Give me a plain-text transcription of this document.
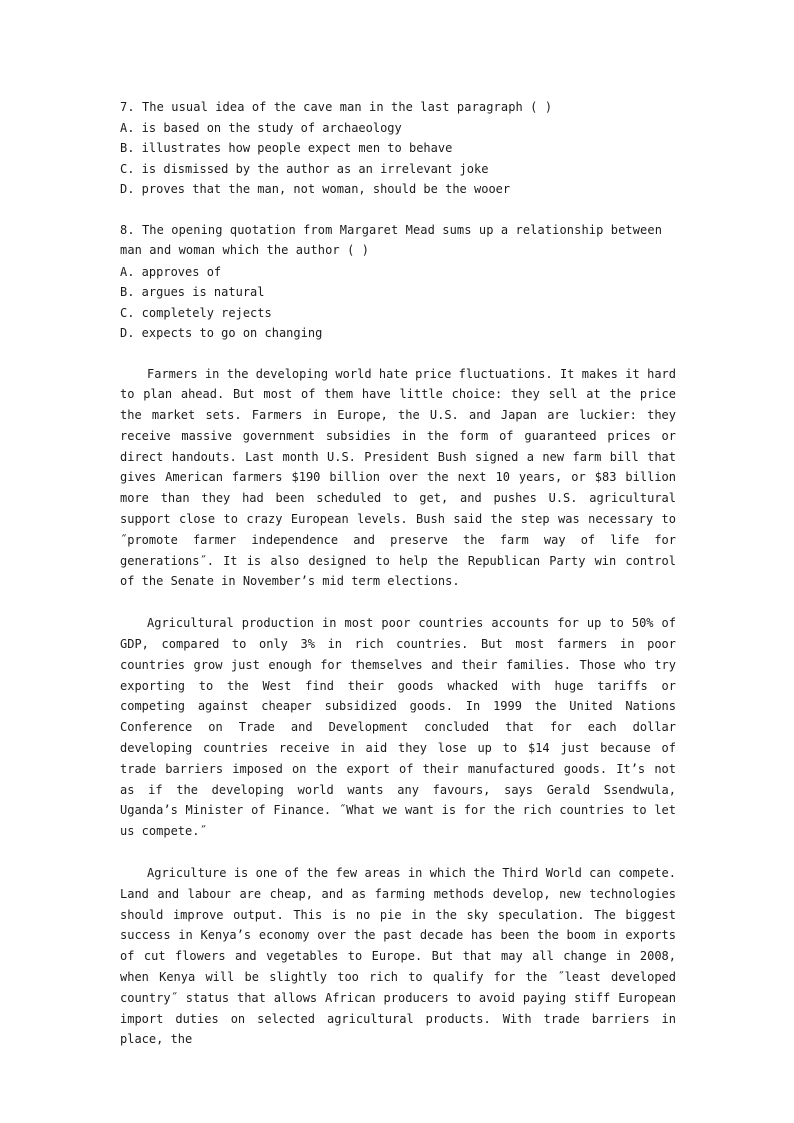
7. The usual idea of the cave man in the last paragraph ( )

A. is based on the study of archaeology

B. illustrates how people expect men to behave

C. is dismissed by the author as an irrelevant joke

D. proves that the man, not woman, should be the wooer

8. The opening quotation from Margaret Mead sums up a relationship between man and woman which the author ( )

A. approves of

B. argues is natural

C. completely rejects

D. expects to go on changing

Farmers in the developing world hate price fluctuations. It makes it hard to plan ahead. But most of them have little choice: they sell at the price the market sets. Farmers in Europe, the U.S. and Japan are luckier: they receive massive government subsidies in the form of guaranteed prices or direct handouts. Last month U.S. President Bush signed a new farm bill that gives American farmers $190 billion over the next 10 years, or $83 billion more than they had been scheduled to get, and pushes U.S. agricultural support close to crazy European levels. Bush said the step was necessary to ˝promote farmer independence and preserve the farm way of life for generations˝. It is also designed to help the Republican Party win control of the Senate in November’s mid term elections.

Agricultural production in most poor countries accounts for up to 50% of GDP, compared to only 3% in rich countries. But most farmers in poor countries grow just enough for themselves and their families. Those who try exporting to the West find their goods whacked with huge tariffs or competing against cheaper subsidized goods. In 1999 the United Nations Conference on Trade and Development concluded that for each dollar developing countries receive in aid they lose up to $14 just because of trade barriers imposed on the export of their manufactured goods. It’s not as if the developing world wants any favours, says Gerald Ssendwula, Uganda’s Minister of Finance. ˝What we want is for the rich countries to let us compete.˝

Agriculture is one of the few areas in which the Third World can compete. Land and labour are cheap, and as farming methods develop, new technologies should improve output. This is no pie in the sky speculation. The biggest success in Kenya’s economy over the past decade has been the boom in exports of cut flowers and vegetables to Europe. But that may all change in 2008, when Kenya will be slightly too rich to qualify for the ˝least developed country˝ status that allows African producers to avoid paying stiff European import duties on selected agricultural products. With trade barriers in place, the
